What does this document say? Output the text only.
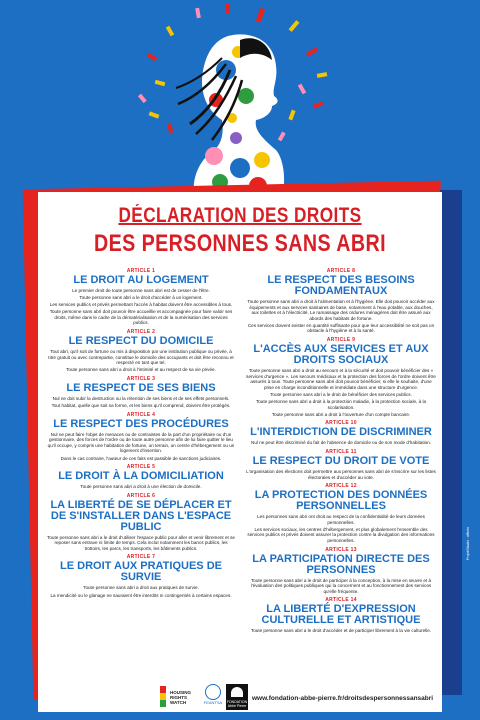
Projet/Studio : affiche
DÉCLARATION DES DROITS
DES PERSONNES SANS ABRI
ARTICLE 1
LE DROIT AU LOGEMENT
Le premier droit de toute personne sans abri est de cesser de l'être.
Toute personne sans abri a le droit d'accéder à un logement.
Les services publics et privés permettant l'accès à habitat doivent être accessibles à tous.
Toute personne sans abri doit pouvoir être accueillie et accompagnée pour faire valoir ses droits, même dans le cadre de la dématérialisation et de la numérisation des services publics.
ARTICLE 2
LE RESPECT DU DOMICILE
Tout abri, qu'il soit de fortune ou mis à disposition par une institution publique ou privée, à titre gratuit ou avec contrepartie, constitue le domicile des occupants et doit être reconnu et respecté en tant que tel.
Toute personne sans abri a droit à l'intimité et au respect de sa vie privée.
ARTICLE 3
LE RESPECT DE SES BIENS
Nul ne doit subir la destruction ou la rétention de ses biens et de ses effets personnels.
Tout habitat, quelle que soit sa forme, et les biens qu'il comprend, doivent être protégés.
ARTICLE 4
LE RESPECT DES PROCÉDURES
Nul ne peut faire l'objet de menaces ou de contraintes de la part d'un propriétaire ou d'un gestionnaire, des forces de l'ordre ou de toute autre personne afin de lui faire quitter le lieu qu'il occupe, y compris une habitation de fortune, un terrain, un centre d'hébergement ou un logement d'insertion.
Dans le cas contraire, l'auteur de ces faits est passible de sanctions judiciaires.
ARTICLE 5
LE DROIT À LA DOMICILIATION
Toute personne sans abri a droit à une élection de domicile.
ARTICLE 6
LA LIBERTÉ DE SE DÉPLACER ET DE S'INSTALLER DANS L'ESPACE PUBLIC
Toute personne sans abri a le droit d'utiliser l'espace public pour aller et venir librement et se reposer sans entrave ni limite de temps. Cela inclut notamment les bancs publics, les trottoirs, les parcs, les transports, les bâtiments publics.
ARTICLE 7
LE DROIT AUX PRATIQUES DE SURVIE
Toute personne sans abri a droit aux pratiques de survie.
La mendicité ou le glanage ne sauraient être interdits ni contingentés à certains espaces.
ARTICLE 8
LE RESPECT DES BESOINS FONDAMENTAUX
Toute personne sans abri a droit à l'alimentation et à l'hygiène. Elle doit pouvoir accéder aux équipements et aux services sanitaires de base, notamment à l'eau potable, aux douches, aux toilettes et à l'électricité. Le ramassage des ordures ménagères doit être assuré aux abords des habitats de fortune.
Ces services doivent exister en quantité suffisante pour que leur accessibilité ne soit pas un obstacle à l'hygiène et à la santé.
ARTICLE 9
L'ACCÈS AUX SERVICES ET AUX DROITS SOCIAUX
Toute personne sans abri a droit au secours et à la sécurité et doit pouvoir bénéficier des « services d'urgence ». Les secours médicaux et la protection des forces de l'ordre doivent être assurés à tous. Toute personne sans abri doit pouvoir bénéficier, si elle le souhaite, d'une prise en charge inconditionnelle et immédiate dans une structure d'urgence.
Toute personne sans abri a le droit de bénéficier des services publics.
Toute personne sans abri a droit à la protection maladie, à la protection sociale, à la scolarisation.
Toute personne sans abri a droit à l'ouverture d'un compte bancaire.
ARTICLE 10
L'INTERDICTION DE DISCRIMINER
Nul ne peut être discriminé du fait de l'absence de domicile ou de son mode d'habitation.
ARTICLE 11
LE RESPECT DU DROIT DE VOTE
L'organisation des élections doit permettre aux personnes sans abri de s'inscrire sur les listes électorales et d'accéder au vote.
ARTICLE 12
LA PROTECTION DES DONNÉES PERSONNELLES
Les personnes sans abri ont droit au respect de la confidentialité de leurs données personnelles.
Les services sociaux, les centres d'hébergement, et plus globalement l'ensemble des services publics et privés doivent assurer la protection contre la divulgation des informations personnelles.
ARTICLE 13
LA PARTICIPATION DIRECTE DES PERSONNES
Toute personne sans abri a le droit de participer à la conception, à la mise en œuvre et à l'évaluation des politiques publiques qui la concernent et au fonctionnement des services qu'elle fréquente.
ARTICLE 14
LA LIBERTÉ D'EXPRESSION CULTURELLE ET ARTISTIQUE
Toute personne sans abri a le droit d'accéder et de participer librement à la vie culturelle.
HOUSING RIGHTS WATCH	FEANTSA	FONDATION Abbé Pierre
www.fondation-abbe-pierre.fr/droitsdespersonnessansabri
